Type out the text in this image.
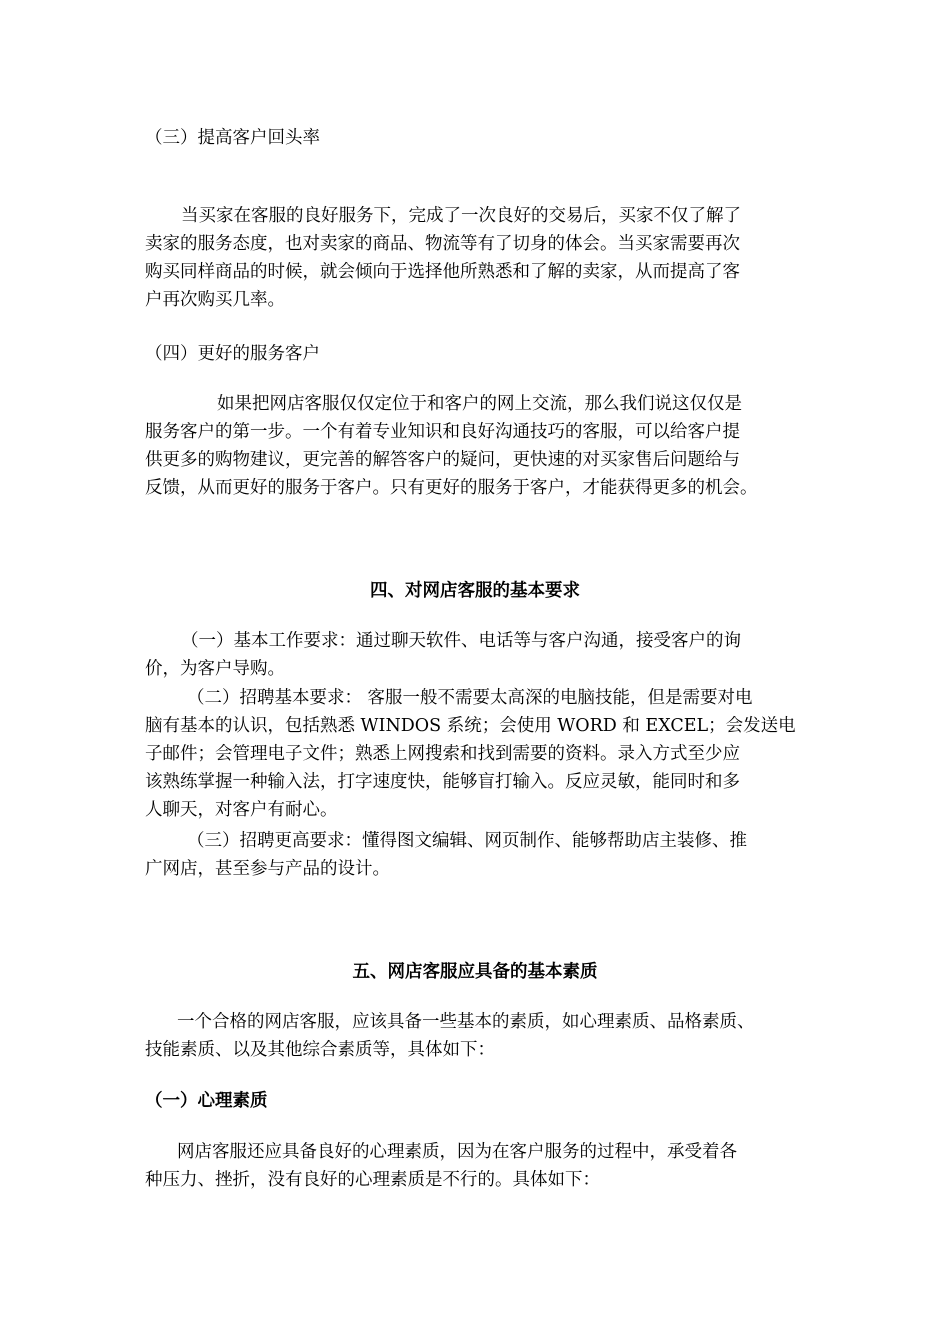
（三）提高客户回头率
当买家在客服的良好服务下，完成了一次良好的交易后，买家不仅了解了
卖家的服务态度，也对卖家的商品、物流等有了切身的体会。当买家需要再次
购买同样商品的时候，就会倾向于选择他所熟悉和了解的卖家，从而提高了客
户再次购买几率。
（四）更好的服务客户
如果把网店客服仅仅定位于和客户的网上交流，那么我们说这仅仅是
服务客户的第一步。一个有着专业知识和良好沟通技巧的客服，可以给客户提
供更多的购物建议，更完善的解答客户的疑问，更快速的对买家售后问题给与
反馈，从而更好的服务于客户。只有更好的服务于客户，才能获得更多的机会。
四、对网店客服的基本要求
（一）基本工作要求：通过聊天软件、电话等与客户沟通，接受客户的询
价，为客户导购。
（二）招聘基本要求： 客服一般不需要太高深的电脑技能，但是需要对电
脑有基本的认识，包括熟悉 WINDOS 系统；会使用 WORD 和 EXCEL；会发送电
子邮件；会管理电子文件；熟悉上网搜索和找到需要的资料。录入方式至少应
该熟练掌握一种输入法，打字速度快，能够盲打输入。反应灵敏，能同时和多
人聊天，对客户有耐心。
（三）招聘更高要求：懂得图文编辑、网页制作、能够帮助店主装修、推
广网店，甚至参与产品的设计。
五、网店客服应具备的基本素质
一个合格的网店客服，应该具备一些基本的素质，如心理素质、品格素质、
技能素质、以及其他综合素质等，具体如下：
（一）心理素质
网店客服还应具备良好的心理素质，因为在客户服务的过程中，承受着各
种压力、挫折，没有良好的心理素质是不行的。具体如下：
